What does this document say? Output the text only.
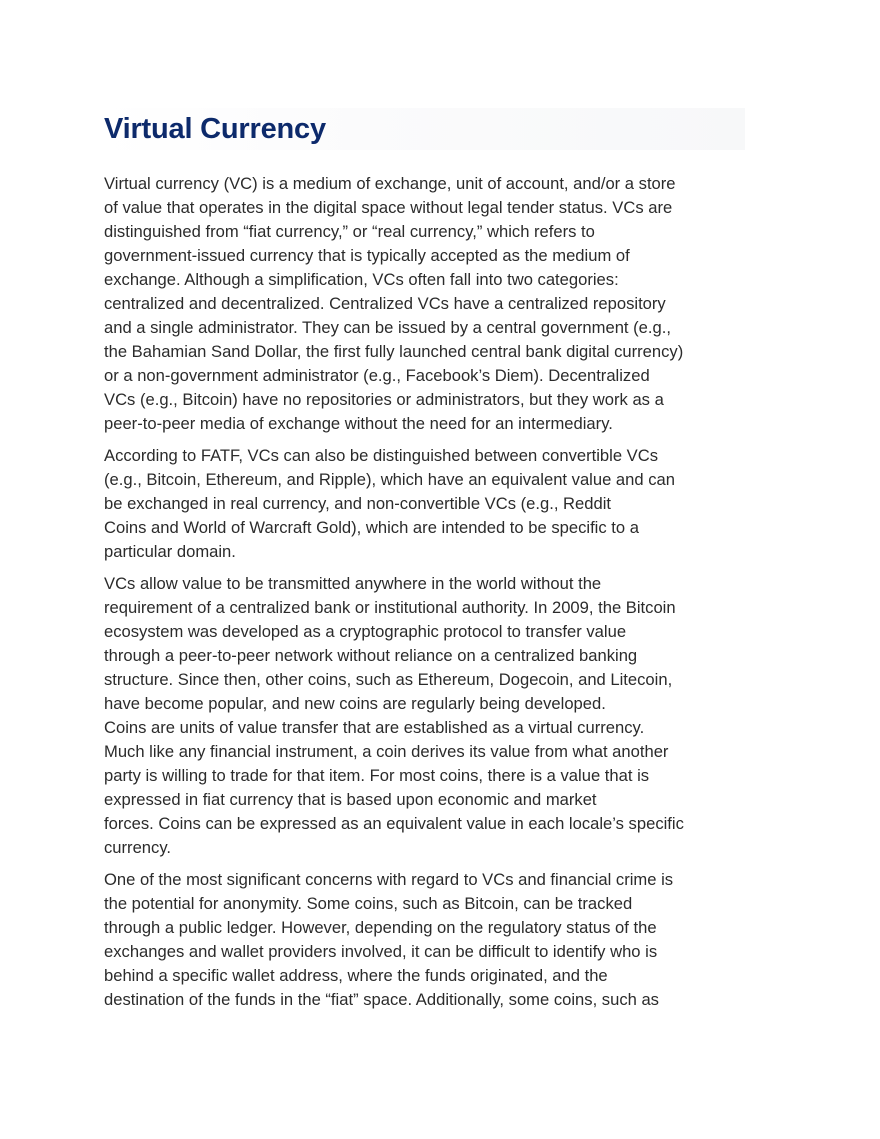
Virtual Currency
Virtual currency (VC) is a medium of exchange, unit of account, and/or a store
of value that operates in the digital space without legal tender status. VCs are
distinguished from “fiat currency,” or “real currency,” which refers to
government-issued currency that is typically accepted as the medium of
exchange. Although a simplification, VCs often fall into two categories:
centralized and decentralized. Centralized VCs have a centralized repository
and a single administrator. They can be issued by a central government (e.g.,
the Bahamian Sand Dollar, the first fully launched central bank digital currency)
or a non-government administrator (e.g., Facebook’s Diem). Decentralized
VCs (e.g., Bitcoin) have no repositories or administrators, but they work as a
peer-to-peer media of exchange without the need for an intermediary.
According to FATF, VCs can also be distinguished between convertible VCs
(e.g., Bitcoin, Ethereum, and Ripple), which have an equivalent value and can
be exchanged in real currency, and non-convertible VCs (e.g., Reddit
Coins and World of Warcraft Gold), which are intended to be specific to a
particular domain.
VCs allow value to be transmitted anywhere in the world without the
requirement of a centralized bank or institutional authority. In 2009, the Bitcoin
ecosystem was developed as a cryptographic protocol to transfer value
through a peer-to-peer network without reliance on a centralized banking
structure. Since then, other coins, such as Ethereum, Dogecoin, and Litecoin,
have become popular, and new coins are regularly being developed.
Coins are units of value transfer that are established as a virtual currency.
Much like any financial instrument, a coin derives its value from what another
party is willing to trade for that item. For most coins, there is a value that is
expressed in fiat currency that is based upon economic and market
forces. Coins can be expressed as an equivalent value in each locale’s specific
currency.
One of the most significant concerns with regard to VCs and financial crime is
the potential for anonymity. Some coins, such as Bitcoin, can be tracked
through a public ledger. However, depending on the regulatory status of the
exchanges and wallet providers involved, it can be difficult to identify who is
behind a specific wallet address, where the funds originated, and the
destination of the funds in the “fiat” space. Additionally, some coins, such as
